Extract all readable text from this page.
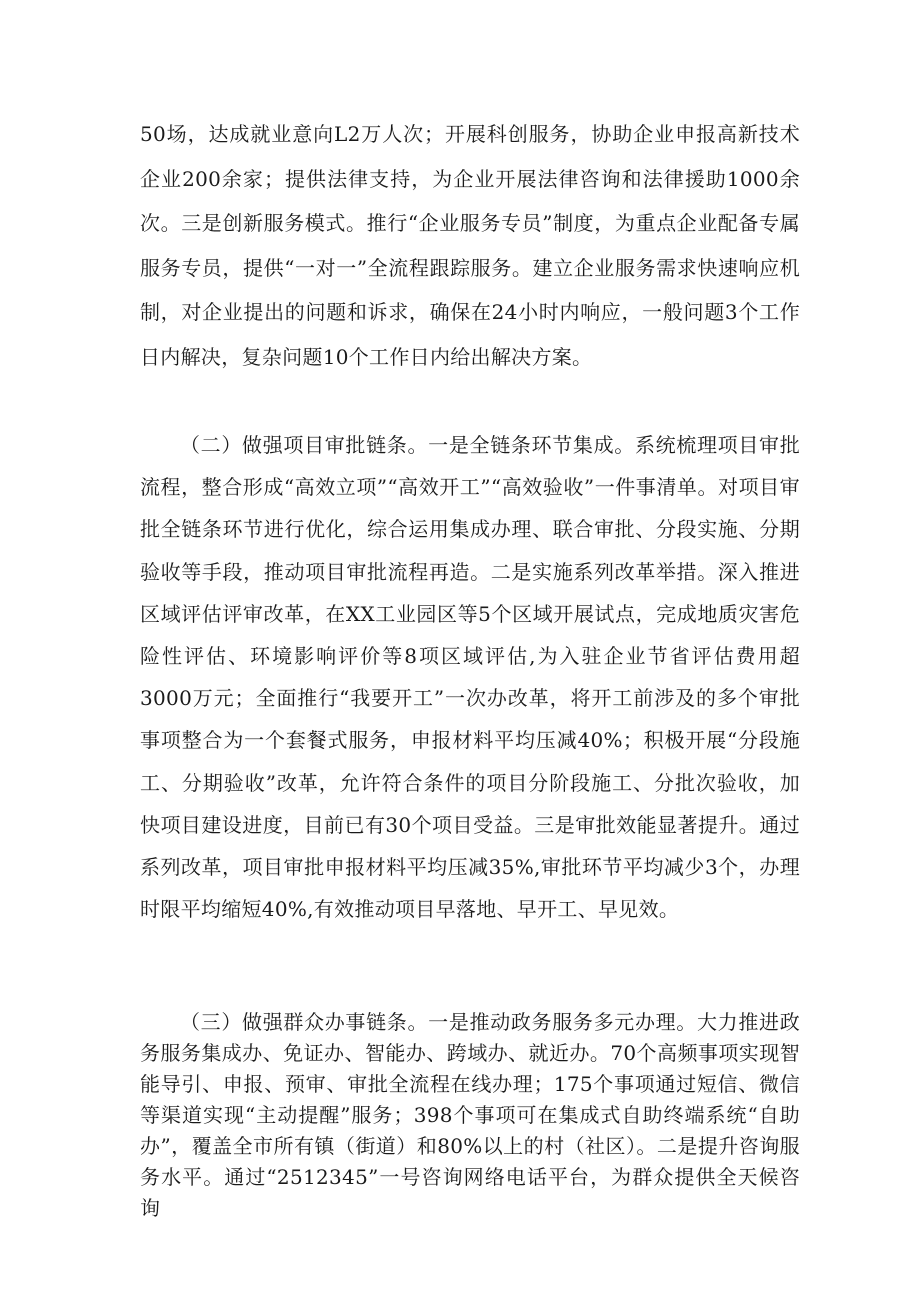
50场，达成就业意向L2万人次；开展科创服务，协助企业申报高新技术企业200余家；提供法律支持，为企业开展法律咨询和法律援助1000余次。三是创新服务模式。推行“企业服务专员”制度，为重点企业配备专属服务专员，提供“一对一”全流程跟踪服务。建立企业服务需求快速响应机制，对企业提出的问题和诉求，确保在24小时内响应，一般问题3个工作日内解决，复杂问题10个工作日内给出解决方案。

（二）做强项目审批链条。一是全链条环节集成。系统梳理项目审批流程，整合形成“高效立项”“高效开工”“高效验收”一件事清单。对项目审批全链条环节进行优化，综合运用集成办理、联合审批、分段实施、分期验收等手段，推动项目审批流程再造。二是实施系列改革举措。深入推进区域评估评审改革，在XX工业园区等5个区域开展试点，完成地质灾害危险性评估、环境影响评价等8项区域评估,为入驻企业节省评估费用超3000万元；全面推行“我要开工”一次办改革，将开工前涉及的多个审批事项整合为一个套餐式服务，申报材料平均压减40%；积极开展“分段施工、分期验收”改革，允许符合条件的项目分阶段施工、分批次验收，加快项目建设进度，目前已有30个项目受益。三是审批效能显著提升。通过系列改革，项目审批申报材料平均压减35%,审批环节平均减少3个，办理时限平均缩短40%,有效推动项目早落地、早开工、早见效。

（三）做强群众办事链条。一是推动政务服务多元办理。大力推进政务服务集成办、免证办、智能办、跨域办、就近办。70个高频事项实现智能导引、申报、预审、审批全流程在线办理；175个事项通过短信、微信等渠道实现“主动提醒”服务；398个事项可在集成式自助终端系统“自助办”，覆盖全市所有镇（街道）和80%以上的村（社区）。二是提升咨询服务水平。通过“2512345”一号咨询网络电话平台，为群众提供全天候咨询
